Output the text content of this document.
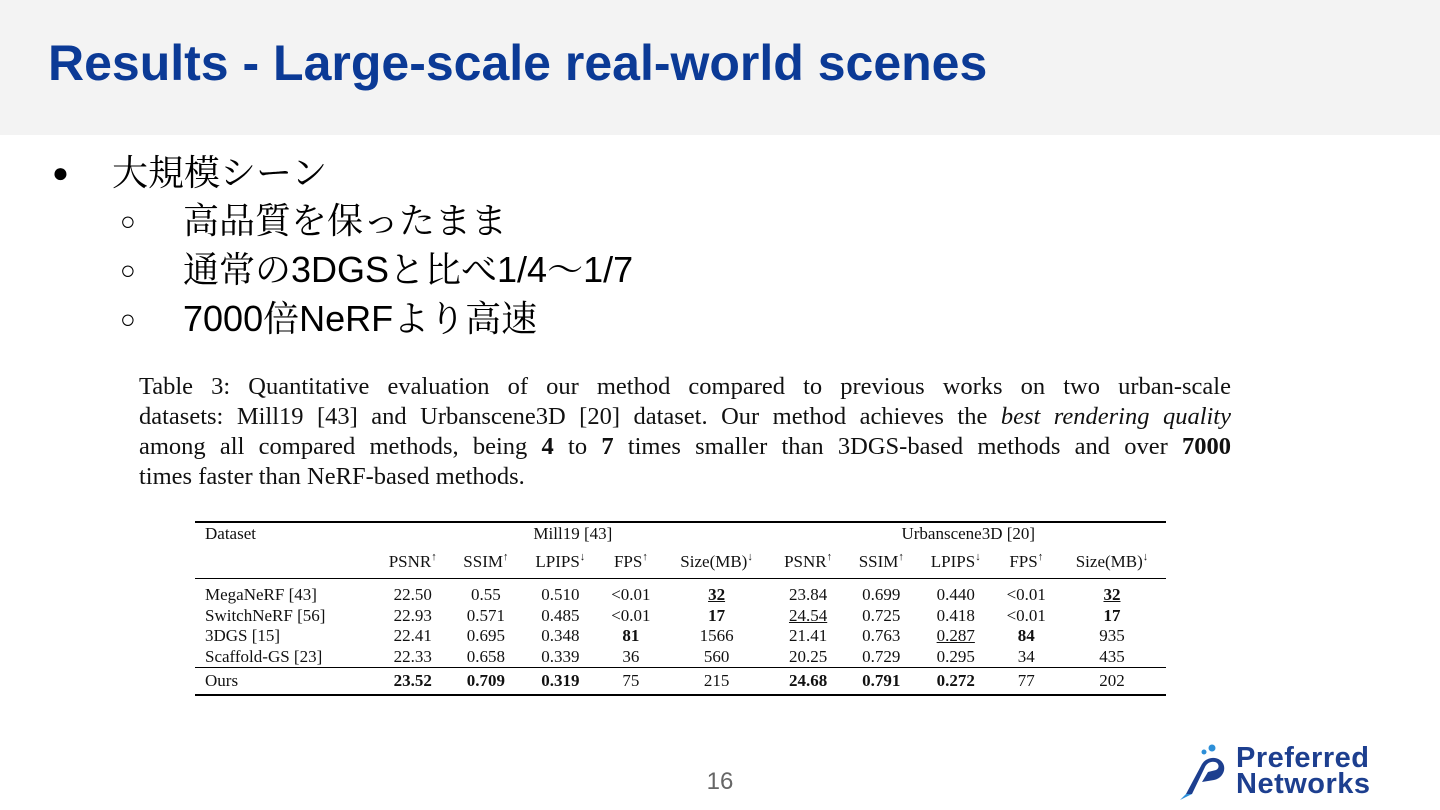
Results - Large-scale real-world scenes
● 大規模シーン
○ 高品質を保ったまま
○ 通常の3DGSと比べ1/4〜1/7
○ 7000倍NeRFより高速
Table 3: Quantitative evaluation of our method compared to previous works on two urban-scale
datasets: Mill19 [43] and Urbanscene3D [20] dataset. Our method achieves the best rendering quality
among all compared methods, being 4 to 7 times smaller than 3DGS-based methods and over 7000
times faster than NeRF-based methods.
Dataset	Mill19 [43]					Urbanscene3D [20]				
	PSNR↑	SSIM↑	LPIPS↓	FPS↑	Size(MB)↓	PSNR↑	SSIM↑	LPIPS↓	FPS↑	Size(MB)↓
MegaNeRF [43]	22.50	0.55	0.510	<0.01	32	23.84	0.699	0.440	<0.01	32
SwitchNeRF [56]	22.93	0.571	0.485	<0.01	17	24.54	0.725	0.418	<0.01	17
3DGS [15]	22.41	0.695	0.348	81	1566	21.41	0.763	0.287	84	935
Scaffold-GS [23]	22.33	0.658	0.339	36	560	20.25	0.729	0.295	34	435
Ours	23.52	0.709	0.319	75	215	24.68	0.791	0.272	77	202
16
Preferred
Networks
